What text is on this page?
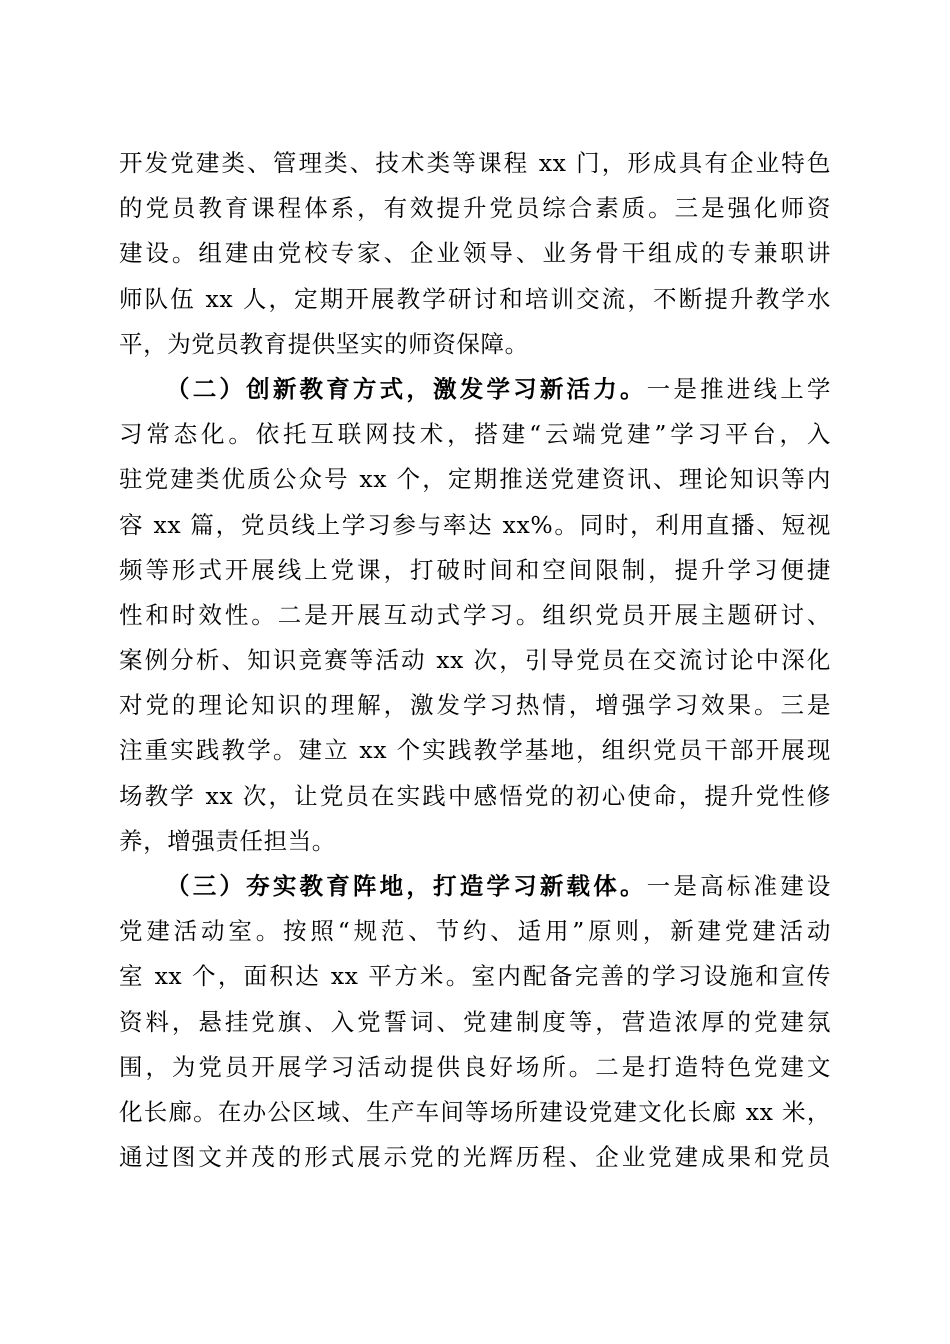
开发党建类、管理类、技术类等课程 xx 门，形成具有企业特色
的党员教育课程体系，有效提升党员综合素质。三是强化师资
建设。组建由党校专家、企业领导、业务骨干组成的专兼职讲
师队伍 xx 人，定期开展教学研讨和培训交流，不断提升教学水
平，为党员教育提供坚实的师资保障。
（二）创新教育方式，激发学习新活力。一是推进线上学
习常态化。依托互联网技术，搭建“云端党建”学习平台，入
驻党建类优质公众号 xx 个，定期推送党建资讯、理论知识等内
容 xx 篇，党员线上学习参与率达 xx%。同时，利用直播、短视
频等形式开展线上党课，打破时间和空间限制，提升学习便捷
性和时效性。二是开展互动式学习。组织党员开展主题研讨、
案例分析、知识竞赛等活动 xx 次，引导党员在交流讨论中深化
对党的理论知识的理解，激发学习热情，增强学习效果。三是
注重实践教学。建立 xx 个实践教学基地，组织党员干部开展现
场教学 xx 次，让党员在实践中感悟党的初心使命，提升党性修
养，增强责任担当。
（三）夯实教育阵地，打造学习新载体。一是高标准建设
党建活动室。按照“规范、节约、适用”原则，新建党建活动
室 xx 个，面积达 xx 平方米。室内配备完善的学习设施和宣传
资料，悬挂党旗、入党誓词、党建制度等，营造浓厚的党建氛
围，为党员开展学习活动提供良好场所。二是打造特色党建文
化长廊。在办公区域、生产车间等场所建设党建文化长廊 xx 米，
通过图文并茂的形式展示党的光辉历程、企业党建成果和党员
